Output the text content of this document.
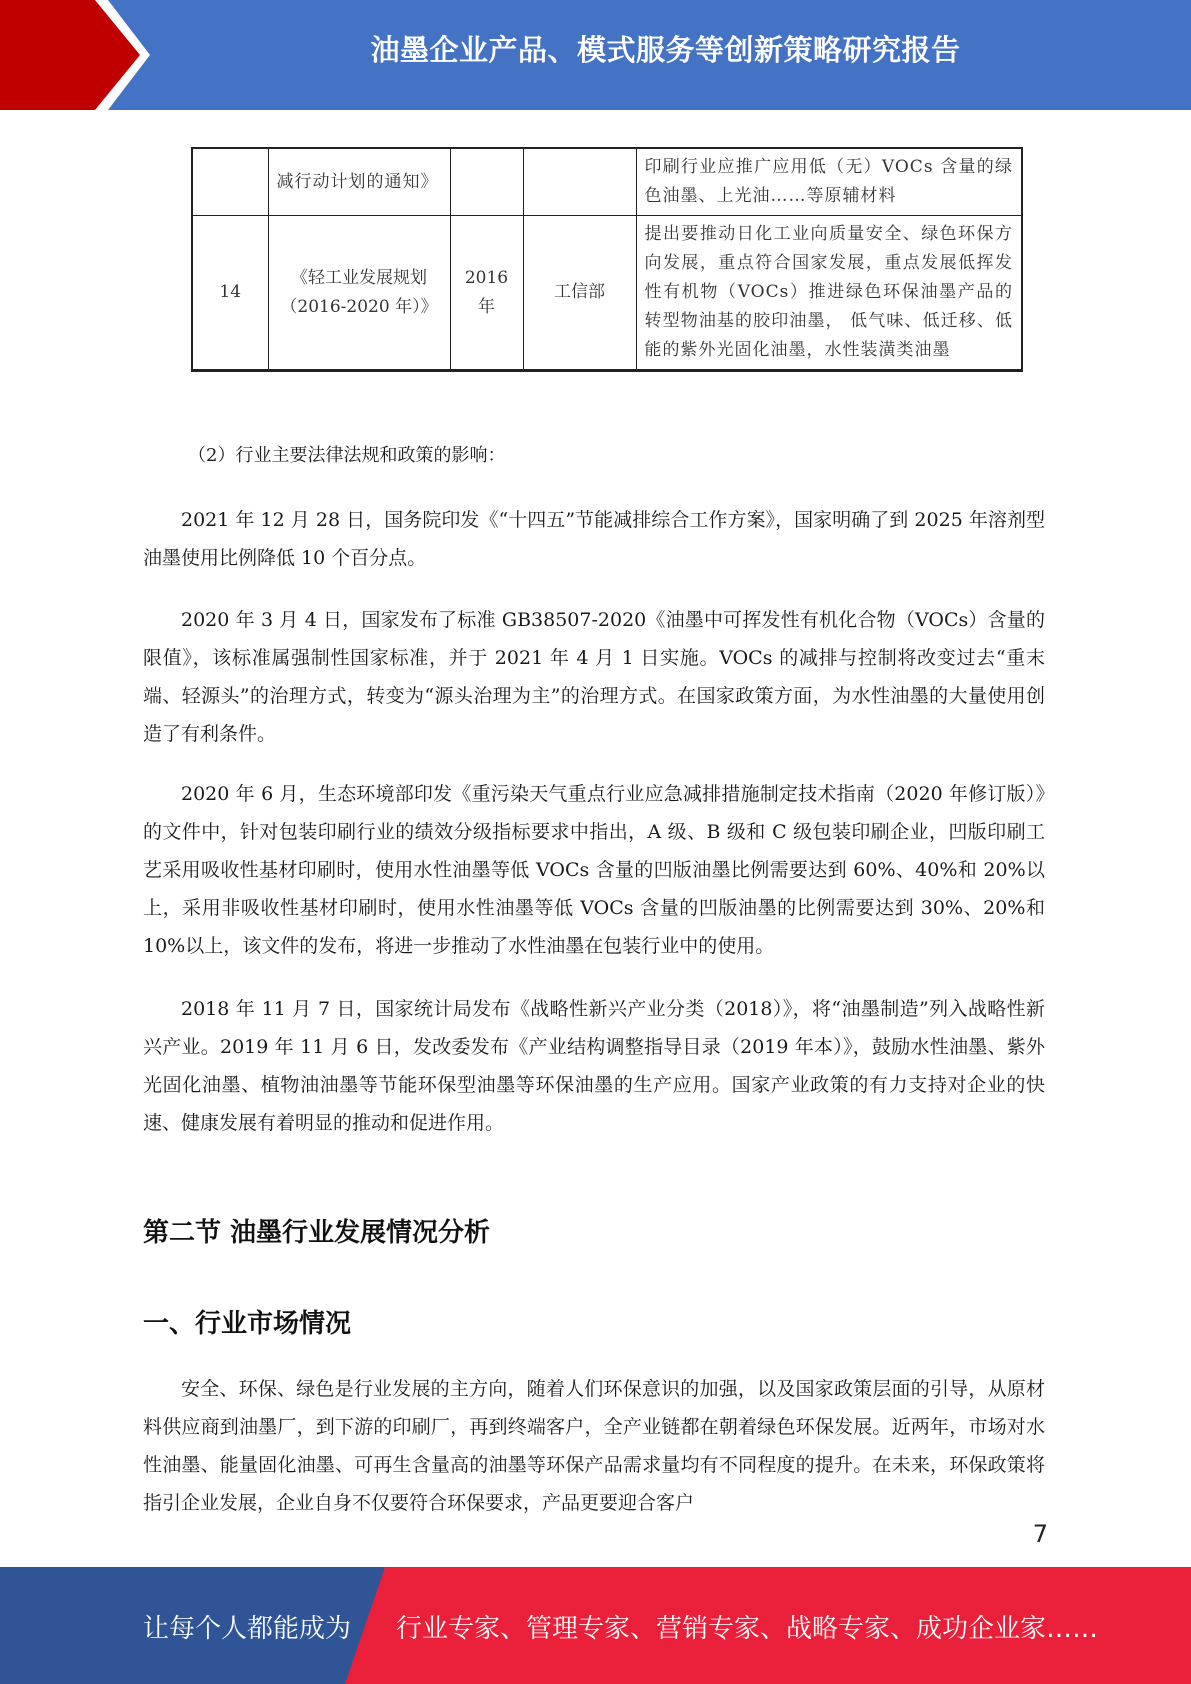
油墨企业产品、模式服务等创新策略研究报告
	减行动计划的通知》			印刷行业应推广应用低（无）VOCs 含量的绿色油墨、上光油……等原辅材料
14	《轻工业发展规划（2016-2020 年）》	2016 年	工信部	提出要推动日化工业向质量安全、绿色环保方向发展，重点符合国家发展，重点发展低挥发性有机物（VOCs）推进绿色环保油墨产品的转型物油基的胶印油墨， 低气味、低迁移、低能的紫外光固化油墨，水性装潢类油墨

（2）行业主要法律法规和政策的影响：

2021 年 12 月 28 日，国务院印发《“十四五”节能减排综合工作方案》，国家明确了到 2025 年溶剂型油墨使用比例降低 10 个百分点。

2020 年 3 月 4 日，国家发布了标准 GB38507-2020《油墨中可挥发性有机化合物（VOCs）含量的限值》，该标准属强制性国家标准，并于 2021 年 4 月 1 日实施。VOCs 的减排与控制将改变过去“重末端、轻源头”的治理方式，转变为“源头治理为主”的治理方式。在国家政策方面，为水性油墨的大量使用创造了有利条件。

2020 年 6 月，生态环境部印发《重污染天气重点行业应急减排措施制定技术指南（2020 年修订版）》的文件中，针对包装印刷行业的绩效分级指标要求中指出，A 级、B 级和 C 级包装印刷企业，凹版印刷工艺采用吸收性基材印刷时，使用水性油墨等低 VOCs 含量的凹版油墨比例需要达到 60%、40%和 20%以上，采用非吸收性基材印刷时，使用水性油墨等低 VOCs 含量的凹版油墨的比例需要达到 30%、20%和 10%以上，该文件的发布，将进一步推动了水性油墨在包装行业中的使用。

2018 年 11 月 7 日，国家统计局发布《战略性新兴产业分类（2018）》，将“油墨制造”列入战略性新兴产业。2019 年 11 月 6 日，发改委发布《产业结构调整指导目录（2019 年本）》，鼓励水性油墨、紫外光固化油墨、植物油油墨等节能环保型油墨等环保油墨的生产应用。国家产业政策的有力支持对企业的快速、健康发展有着明显的推动和促进作用。

第二节 油墨行业发展情况分析
一、行业市场情况

安全、环保、绿色是行业发展的主方向，随着人们环保意识的加强，以及国家政策层面的引导，从原材料供应商到油墨厂，到下游的印刷厂，再到终端客户，全产业链都在朝着绿色环保发展。近两年，市场对水性油墨、能量固化油墨、可再生含量高的油墨等环保产品需求量均有不同程度的提升。在未来，环保政策将指引企业发展，企业自身不仅要符合环保要求，产品更要迎合客户

7
让每个人都能成为 行业专家、管理专家、营销专家、战略专家、成功企业家……
